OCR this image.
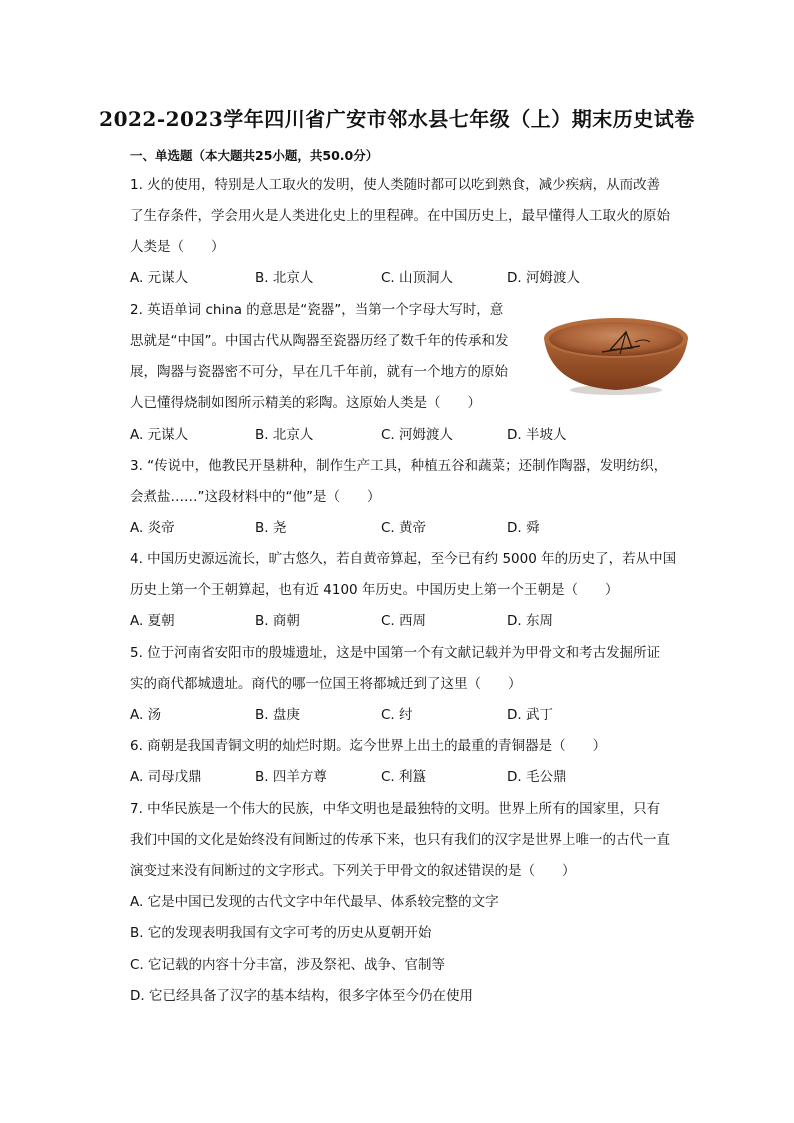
2022-2023学年四川省广安市邻水县七年级（上）期末历史试卷

一、单选题（本大题共25小题，共50.0分）

1. 火的使用，特别是人工取火的发明，使人类随时都可以吃到熟食，减少疾病，从而改善

了生存条件，学会用火是人类进化史上的里程碑。在中国历史上，最早懂得人工取火的原始

人类是（　　）

A. 元谋人	B. 北京人	C. 山顶洞人	D. 河姆渡人

2. 英语单词 china 的意思是“瓷器”，当第一个字母大写时，意

思就是“中国”。中国古代从陶器至瓷器历经了数千年的传承和发

展，陶器与瓷器密不可分，早在几千年前，就有一个地方的原始

人已懂得烧制如图所示精美的彩陶。这原始人类是（　　）

A. 元谋人	B. 北京人	C. 河姆渡人	D. 半坡人

3. “传说中，他教民开垦耕种，制作生产工具，种植五谷和蔬菜；还制作陶器，发明纺织，

会煮盐……”这段材料中的“他”是（　　）

A. 炎帝	B. 尧	C. 黄帝	D. 舜

4. 中国历史源远流长，旷古悠久，若自黄帝算起，至今已有约 5000 年的历史了，若从中国

历史上第一个王朝算起，也有近 4100 年历史。中国历史上第一个王朝是（　　）

A. 夏朝	B. 商朝	C. 西周	D. 东周

5. 位于河南省安阳市的殷墟遗址，这是中国第一个有文献记载并为甲骨文和考古发掘所证

实的商代都城遗址。商代的哪一位国王将都城迁到了这里（　　）

A. 汤	B. 盘庚	C. 纣	D. 武丁

6. 商朝是我国青铜文明的灿烂时期。迄今世界上出土的最重的青铜器是（　　）

A. 司母戊鼎	B. 四羊方尊	C. 利簋	D. 毛公鼎

7. 中华民族是一个伟大的民族，中华文明也是最独特的文明。世界上所有的国家里，只有

我们中国的文化是始终没有间断过的传承下来，也只有我们的汉字是世界上唯一的古代一直

演变过来没有间断过的文字形式。下列关于甲骨文的叙述错误的是（　　）

A. 它是中国已发现的古代文字中年代最早、体系较完整的文字
B. 它的发现表明我国有文字可考的历史从夏朝开始
C. 它记载的内容十分丰富，涉及祭祀、战争、官制等
D. 它已经具备了汉字的基本结构，很多字体至今仍在使用
